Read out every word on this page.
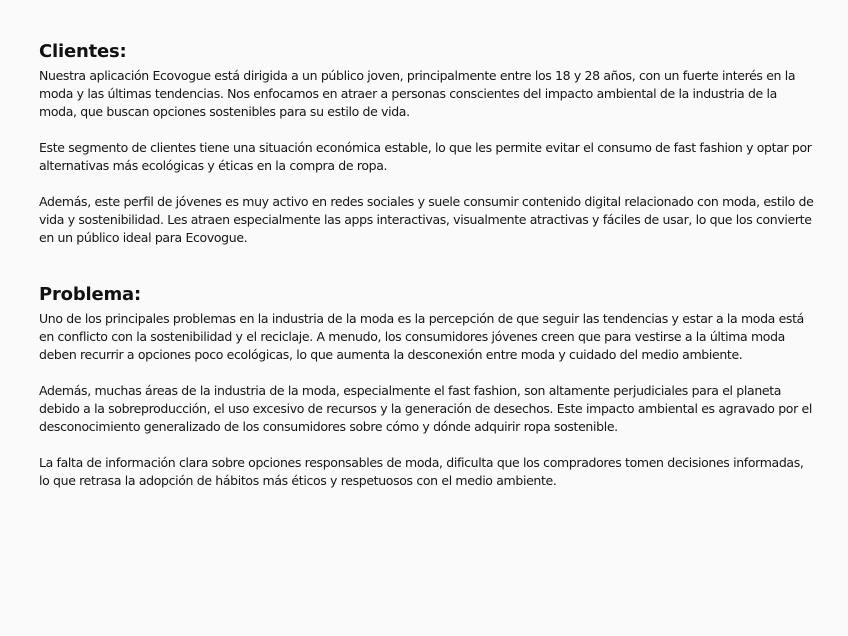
Clientes:

Nuestra aplicación Ecovogue está dirigida a un público joven, principalmente entre los 18 y 28 años, con un fuerte interés en la moda y las últimas tendencias. Nos enfocamos en atraer a personas conscientes del impacto ambiental de la industria de la moda, que buscan opciones sostenibles para su estilo de vida.

Este segmento de clientes tiene una situación económica estable, lo que les permite evitar el consumo de fast fashion y optar por alternativas más ecológicas y éticas en la compra de ropa.

Además, este perfil de jóvenes es muy activo en redes sociales y suele consumir contenido digital relacionado con moda, estilo de vida y sostenibilidad. Les atraen especialmente las apps interactivas, visualmente atractivas y fáciles de usar, lo que los convierte en un público ideal para Ecovogue.

Problema:

Uno de los principales problemas en la industria de la moda es la percepción de que seguir las tendencias y estar a la moda está en conflicto con la sostenibilidad y el reciclaje. A menudo, los consumidores jóvenes creen que para vestirse a la última moda deben recurrir a opciones poco ecológicas, lo que aumenta la desconexión entre moda y cuidado del medio ambiente.

Además, muchas áreas de la industria de la moda, especialmente el fast fashion, son altamente perjudiciales para el planeta debido a la sobreproducción, el uso excesivo de recursos y la generación de desechos. Este impacto ambiental es agravado por el desconocimiento generalizado de los consumidores sobre cómo y dónde adquirir ropa sostenible.

La falta de información clara sobre opciones responsables de moda, dificulta que los compradores tomen decisiones informadas, lo que retrasa la adopción de hábitos más éticos y respetuosos con el medio ambiente.
